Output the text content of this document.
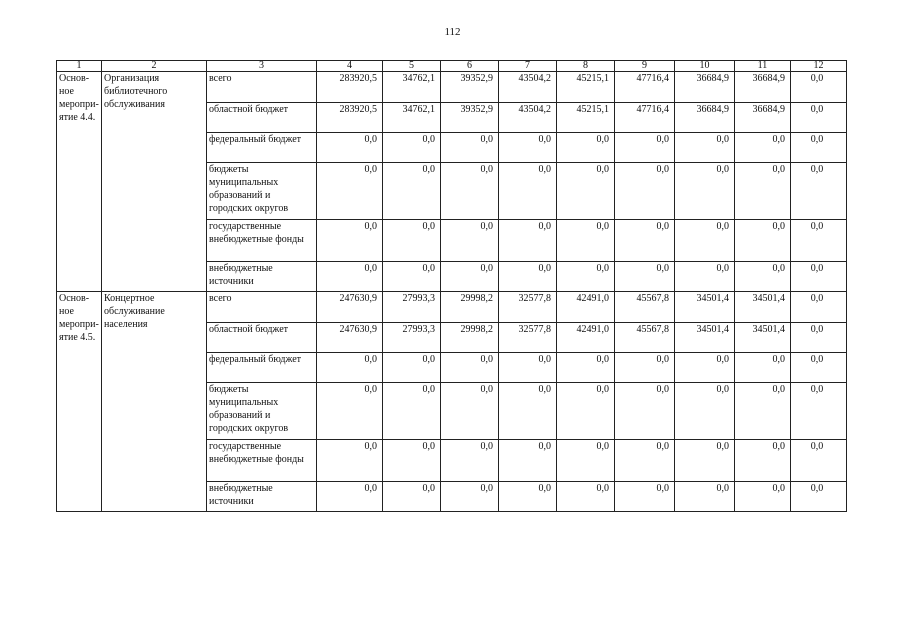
112
1	2	3	4	5	6	7	8	9	10	11	12
Основ-ное меропри-ятие 4.4.	Организация библиотечного обслуживания	всего	283920,5	34762,1	39352,9	43504,2	45215,1	47716,4	36684,9	36684,9	0,0
		областной бюджет	283920,5	34762,1	39352,9	43504,2	45215,1	47716,4	36684,9	36684,9	0,0
		федеральный бюджет	0,0	0,0	0,0	0,0	0,0	0,0	0,0	0,0	0,0
		бюджеты муниципальных образований и городских округов	0,0	0,0	0,0	0,0	0,0	0,0	0,0	0,0	0,0
		государственные внебюджетные фонды	0,0	0,0	0,0	0,0	0,0	0,0	0,0	0,0	0,0
		внебюджетные источники	0,0	0,0	0,0	0,0	0,0	0,0	0,0	0,0	0,0
Основ-ное меропри-ятие 4.5.	Концертное обслуживание населения	всего	247630,9	27993,3	29998,2	32577,8	42491,0	45567,8	34501,4	34501,4	0,0
		областной бюджет	247630,9	27993,3	29998,2	32577,8	42491,0	45567,8	34501,4	34501,4	0,0
		федеральный бюджет	0,0	0,0	0,0	0,0	0,0	0,0	0,0	0,0	0,0
		бюджеты муниципальных образований и городских округов	0,0	0,0	0,0	0,0	0,0	0,0	0,0	0,0	0,0
		государственные внебюджетные фонды	0,0	0,0	0,0	0,0	0,0	0,0	0,0	0,0	0,0
		внебюджетные источники	0,0	0,0	0,0	0,0	0,0	0,0	0,0	0,0	0,0
